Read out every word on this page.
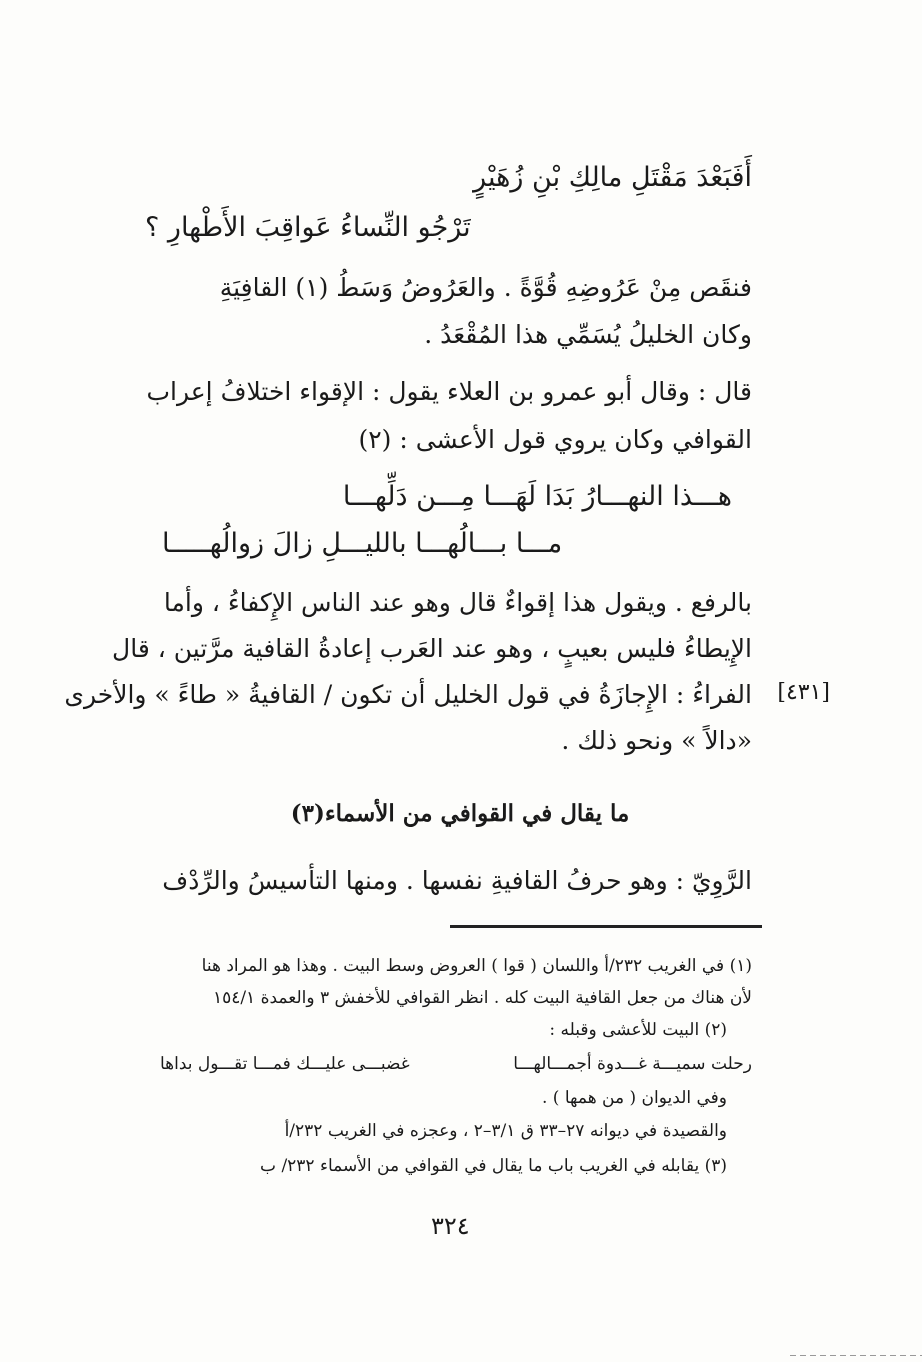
أَفَبَعْدَ مَقْتَلِ مالِكِ بْنِ زُهَيْرٍ
تَرْجُو النِّساءُ عَواقِبَ الأَطْهارِ ؟
فنقَص مِنْ عَرُوضِهِ قُوَّةً . والعَرُوضُ وَسَطُ (١) القافِيَةِ
وكان الخليلُ يُسَمِّي هذا المُقْعَدُ .
قال : وقال أبو عمرو بن العلاء يقول : الإقواء اختلافُ إعراب
القوافي وكان يروي قول الأعشى : (٢)
هـــذا النهـــارُ بَدَا لَهَـــا مِـــن دَلِّهـــا
مـــا بـــالُهـــا بالليـــلِ زالَ زوالُهـــــا
بالرفع . ويقول هذا إقواءٌ قال وهو عند الناس الإِكفاءُ ، وأما
الإِيطاءُ فليس بعيبٍ ، وهو عند العَرب إعادةُ القافية مرَّتين ، قال
الفراءُ : الإِجازَةُ في قول الخليل أن تكون / القافيةُ « طاءً » والأخرى [٤٣١]
«دالاً » ونحو ذلك .
ما يقال في القوافي من الأسماء(٣)
الرَّوِيّ : وهو حرفُ القافيةِ نفسها . ومنها التأسيسُ والرِّدْف
(١) في الغريب ٢٣٢/أ واللسان ( قوا ) العروض وسط البيت . وهذا هو المراد هنا
لأن هناك من جعل القافية البيت كله . انظر القوافي للأخفش ٣ والعمدة ١٥٤/١
(٢) البيت للأعشى وقبله :
رحلت سميـــة غـــدوة أجمـــالهـــا
غضبـــى عليـــك فمـــا تقـــول بداها
وفي الديوان ( من همها ) .
والقصيدة في ديوانه ٢٧–٣٣ ق ٣/١–٢ ، وعجزه في الغريب ٢٣٢/أ
(٣) يقابله في الغريب باب ما يقال في القوافي من الأسماء ٢٣٢/ ب
٣٢٤
